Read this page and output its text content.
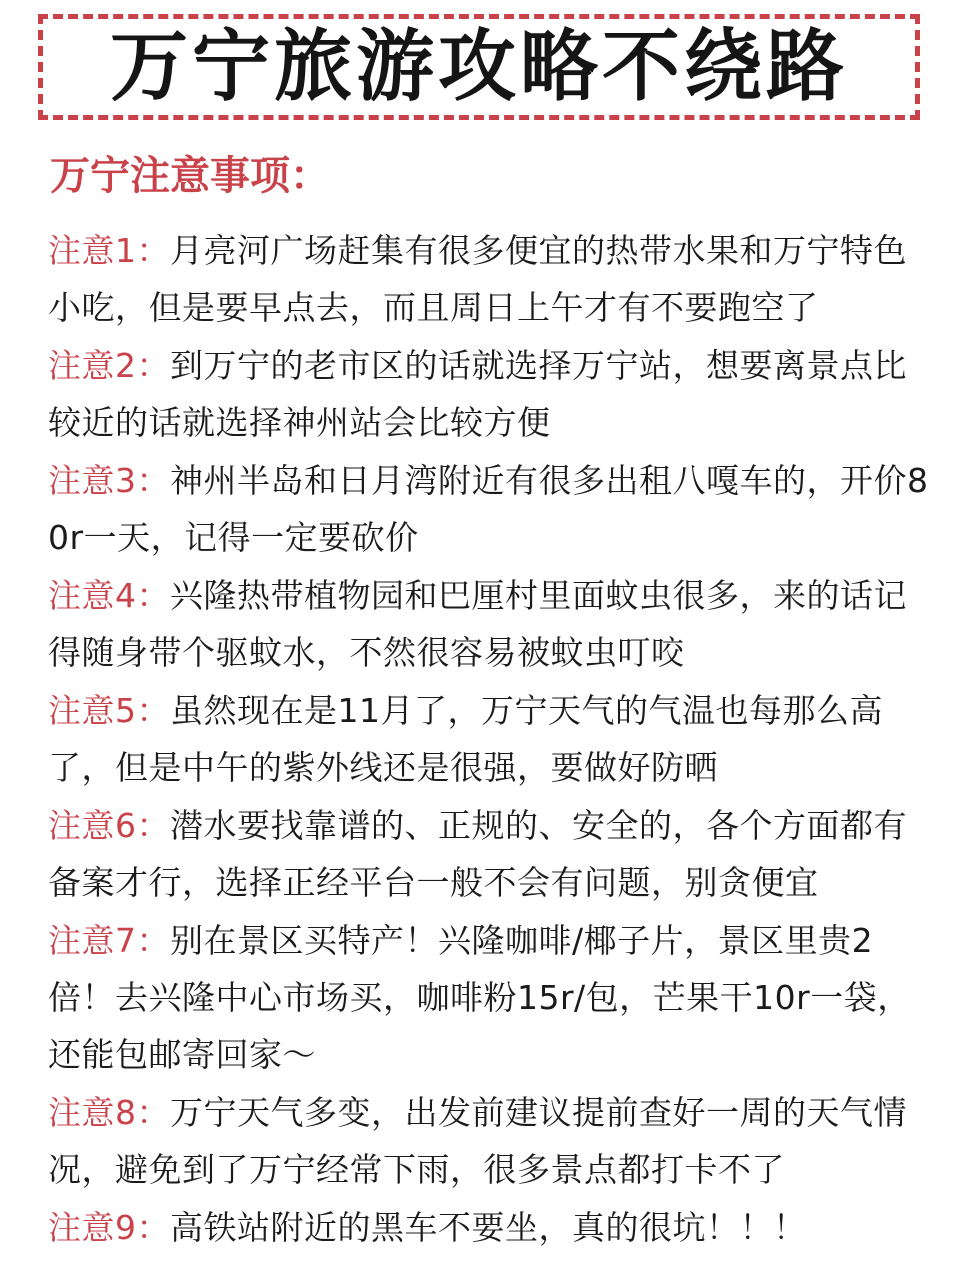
万宁旅游攻略不绕路
万宁注意事项：

注意1：月亮河广场赶集有很多便宜的热带水果和万宁特色小吃，但是要早点去，而且周日上午才有不要跑空了

注意2：到万宁的老市区的话就选择万宁站，想要离景点比较近的话就选择神州站会比较方便

注意3：神州半岛和日月湾附近有很多出租八嘎车的，开价80r一天，记得一定要砍价

注意4：兴隆热带植物园和巴厘村里面蚊虫很多，来的话记得随身带个驱蚊水，不然很容易被蚊虫叮咬

注意5：虽然现在是11月了，万宁天气的气温也每那么高了，但是中午的紫外线还是很强，要做好防晒

注意6：潜水要找靠谱的、正规的、安全的，各个方面都有备案才行，选择正经平台一般不会有问题，别贪便宜

注意7：别在景区买特产！兴隆咖啡/椰子片，景区里贵2倍！去兴隆中心市场买，咖啡粉15r/包，芒果干10r一袋，还能包邮寄回家～

注意8：万宁天气多变，出发前建议提前查好一周的天气情况，避免到了万宁经常下雨，很多景点都打卡不了

注意9：高铁站附近的黑车不要坐，真的很坑！！！
